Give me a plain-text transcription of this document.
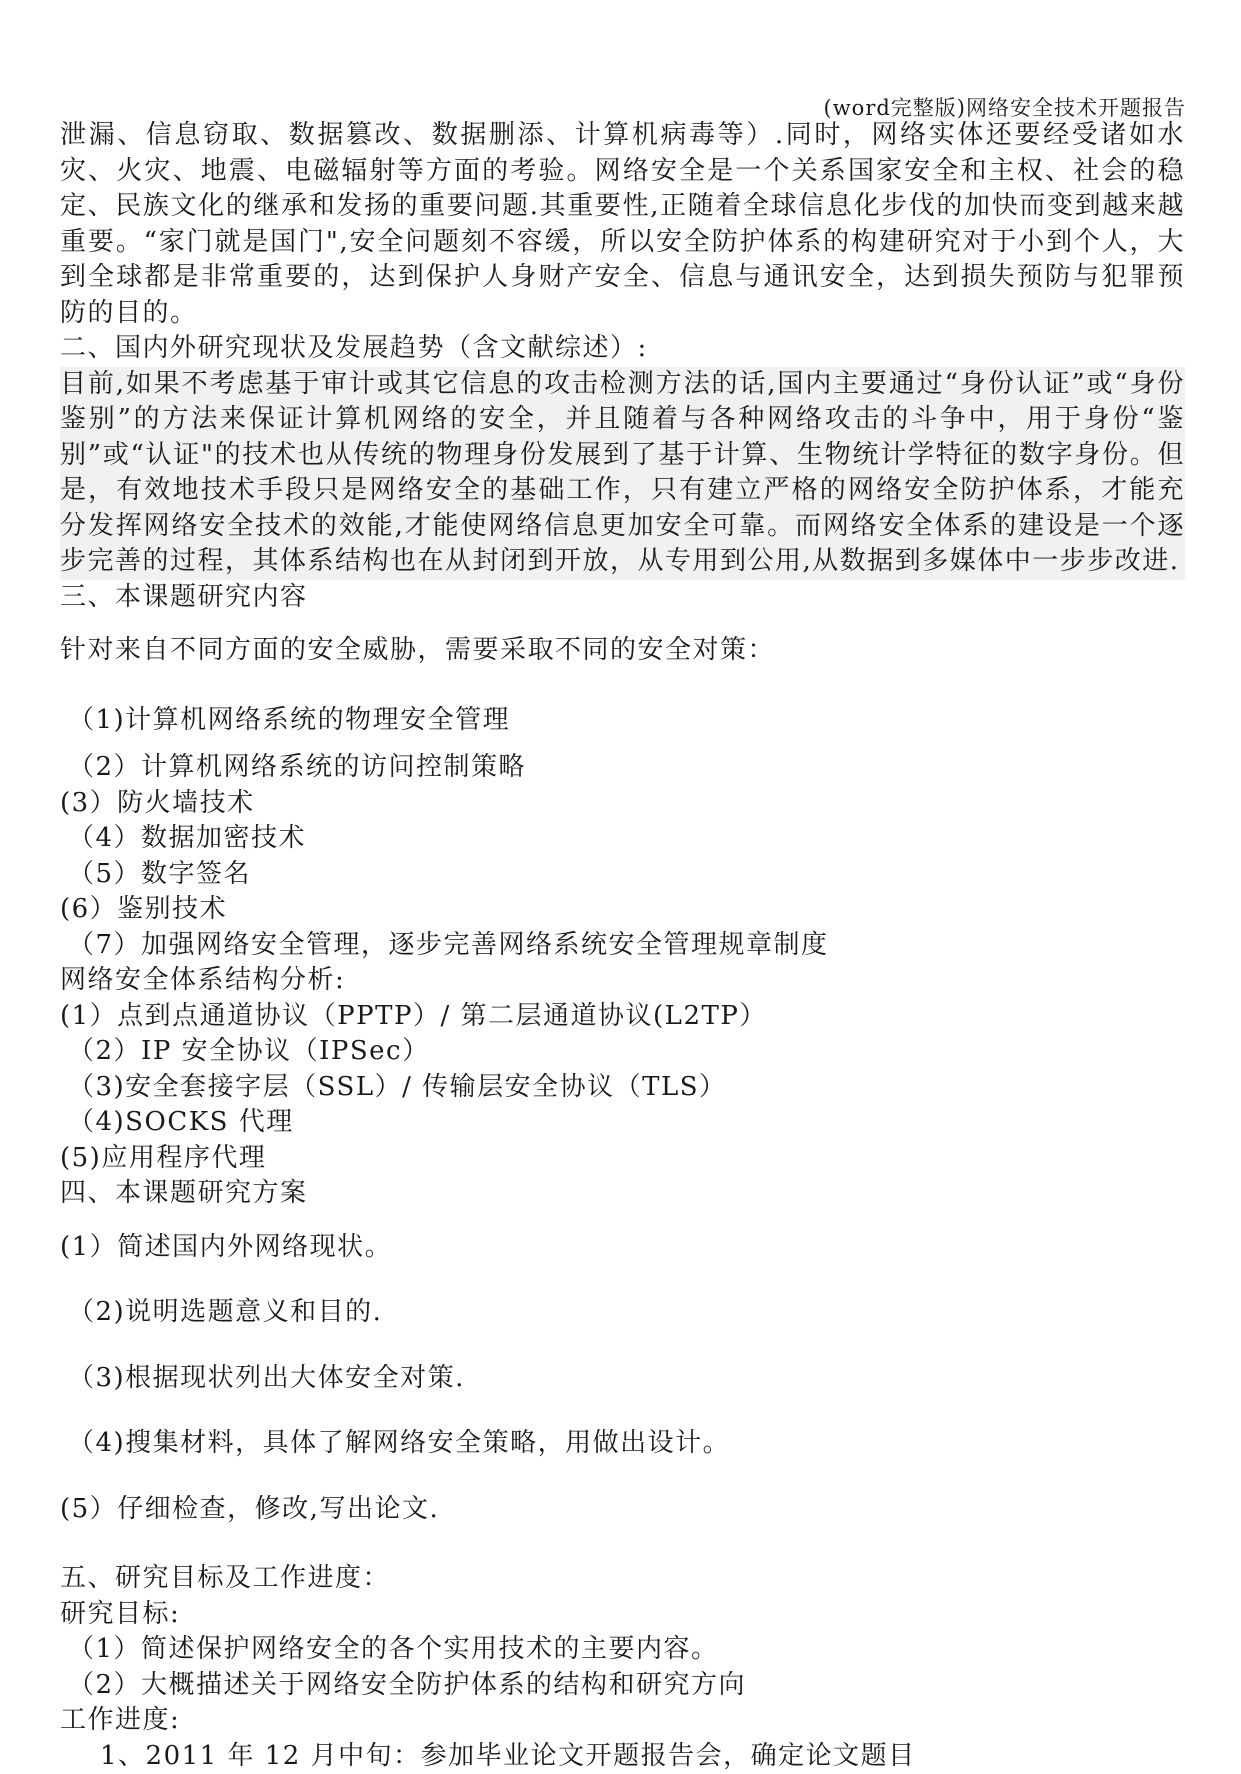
(word完整版)网络安全技术开题报告

泄漏、信息窃取、数据篡改、数据删添、计算机病毒等）.同时，网络实体还要经受诸如水灾、火灾、地震、电磁辐射等方面的考验。网络安全是一个关系国家安全和主权、社会的稳定、民族文化的继承和发扬的重要问题.其重要性,正随着全球信息化步伐的加快而变到越来越重要。“家门就是国门",安全问题刻不容缓，所以安全防护体系的构建研究对于小到个人，大到全球都是非常重要的，达到保护人身财产安全、信息与通讯安全，达到损失预防与犯罪预防的目的。

二、国内外研究现状及发展趋势（含文献综述）:

目前,如果不考虑基于审计或其它信息的攻击检测方法的话,国内主要通过“身份认证”或“身份鉴别”的方法来保证计算机网络的安全，并且随着与各种网络攻击的斗争中，用于身份“鉴别”或“认证"的技术也从传统的物理身份发展到了基于计算、生物统计学特征的数字身份。但是，有效地技术手段只是网络安全的基础工作，只有建立严格的网络安全防护体系，才能充分发挥网络安全技术的效能,才能使网络信息更加安全可靠。而网络安全体系的建设是一个逐步完善的过程，其体系结构也在从封闭到开放，从专用到公用,从数据到多媒体中一步步改进.

三、本课题研究内容

针对来自不同方面的安全威胁，需要采取不同的安全对策：

（1)计算机网络系统的物理安全管理

（2）计算机网络系统的访问控制策略

(3）防火墙技术

（4）数据加密技术

（5）数字签名

(6）鉴别技术

（7）加强网络安全管理，逐步完善网络系统安全管理规章制度

网络安全体系结构分析:

(1）点到点通道协议（PPTP）/ 第二层通道协议(L2TP）

（2）IP 安全协议（IPSec）

（3)安全套接字层（SSL）/ 传输层安全协议（TLS）

（4)SOCKS 代理

(5)应用程序代理

四、本课题研究方案

(1）简述国内外网络现状。

（2)说明选题意义和目的.

（3)根据现状列出大体安全对策.

（4)搜集材料，具体了解网络安全策略，用做出设计。

(5）仔细检查，修改,写出论文.

五、研究目标及工作进度：

研究目标:

（1）简述保护网络安全的各个实用技术的主要内容。

（2）大概描述关于网络安全防护体系的结构和研究方向

工作进度:

1、2011 年 12 月中旬：参加毕业论文开题报告会，确定论文题目
